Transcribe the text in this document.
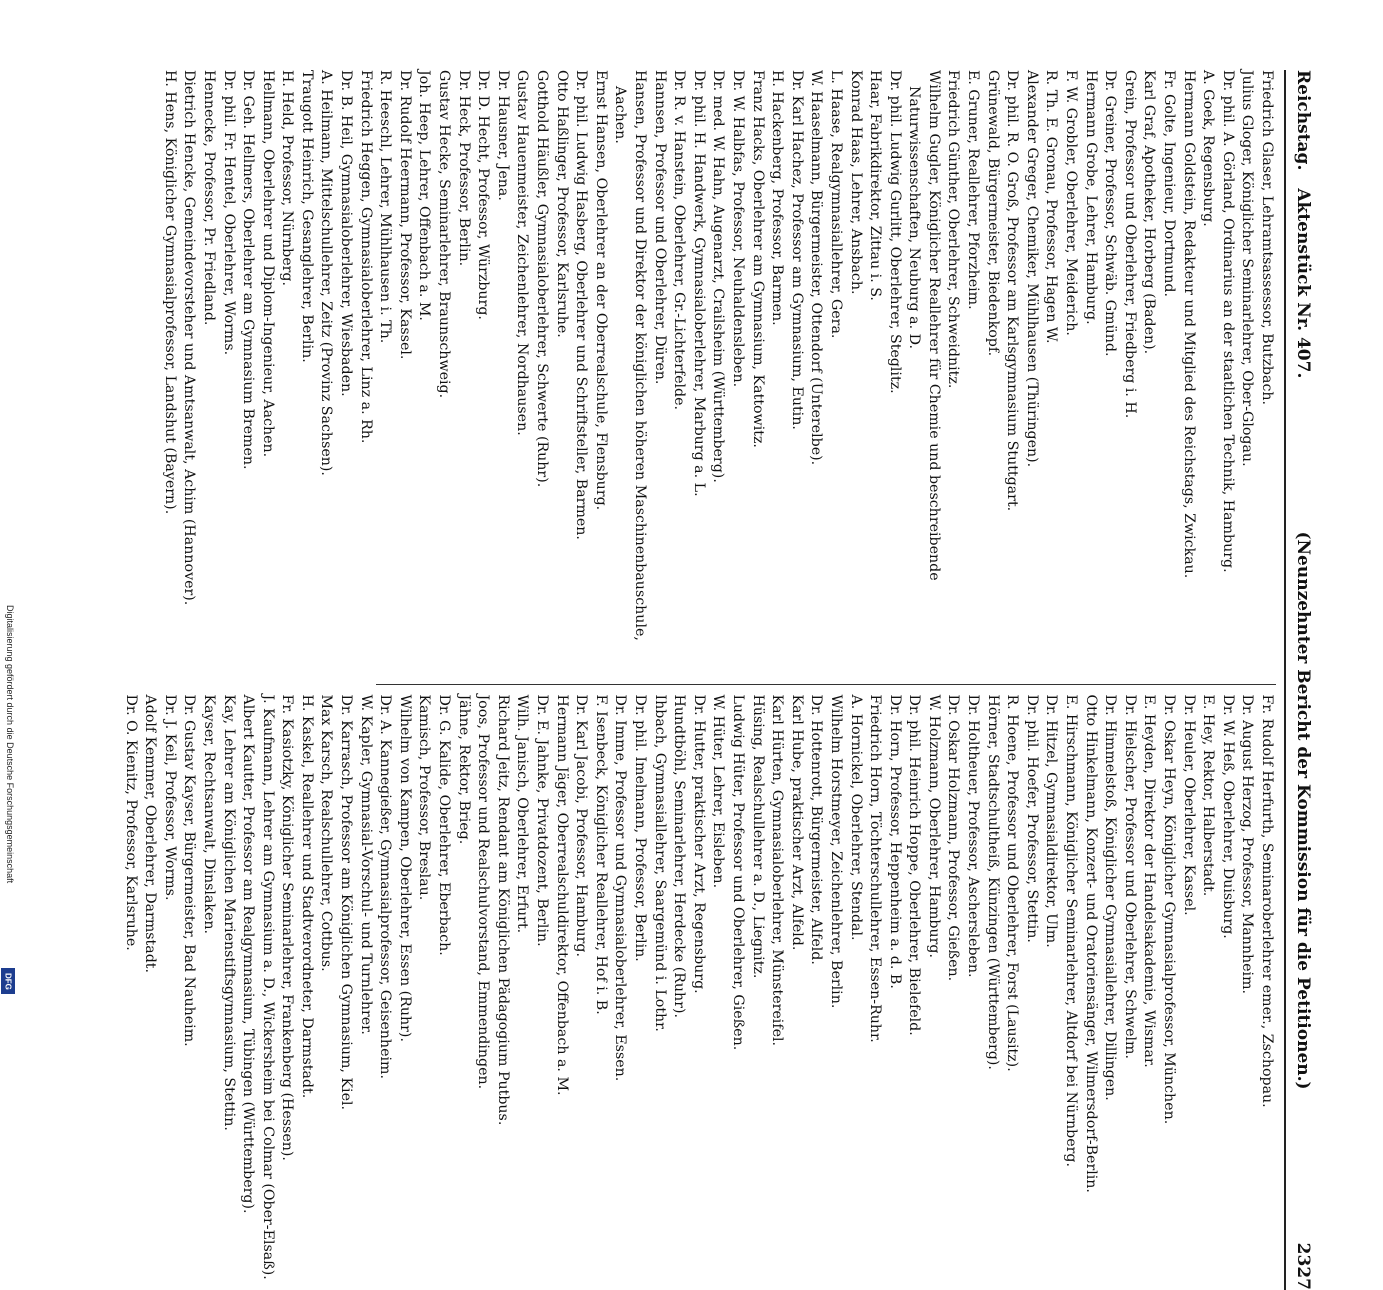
Reichstag.
Aktenstück Nr. 407.
(Neunzehnter Bericht der Kommission für die Petitionen.)
2327

Friedrich Glaser, Lehramtsassessor, Butzbach.

Julius Gloger, Königlicher Seminarlehrer, Ober-Glogau.

Dr. phil. A. Görland, Ordinarius an der staatlichen Technik, Hamburg.

A. Goek, Regensburg.

Hermann Goldstein, Redakteur und Mitglied des Reichstags, Zwickau.

Fr. Golte, Ingenieur, Dortmund.

Karl Graf, Apotheker, Horberg (Baden).

Grein, Professor und Oberlehrer, Friedberg i. H.

Dr. Greiner, Professor, Schwäb. Gmünd.

Hermann Grobe, Lehrer, Hamburg.

F. W. Grobler, Oberlehrer, Meiderich.

R. Th. E. Gronau, Professor, Hagen W.

Alexander Greger, Chemiker, Mühlhausen (Thüringen).

Dr. phil. R. O. Groß, Professor am Karlsgymnasium Stuttgart.

Grünewald, Bürgermeister, Biedenkopf.

E. Gruner, Reallehrer, Pforzheim.

Friedrich Günther, Oberlehrer, Schweidnitz.

Wilhelm Gugler, Königlicher Reallehrer für Chemie und beschreibende Naturwissenschaften, Neuburg a. D.

Dr. phil. Ludwig Gurlitt, Oberlehrer, Steglitz.

Haar, Fabrikdirektor, Zittau i. S.

Konrad Haas, Lehrer, Ansbach.

L. Haase, Realgymnasiallehrer, Gera.

W. Haaselmann, Bürgermeister, Ottendorf (Unterelbe).

Dr. Karl Hachez, Professor am Gymnasium, Eutin.

H. Hackenberg, Professor, Barmen.

Franz Hacks, Oberlehrer am Gymnasium, Kattowitz.

Dr. W. Halbfas, Professor, Neuhaldensleben.

Dr. med. W. Hahn, Augenarzt, Crailsheim (Württemberg).

Dr. phil. H. Handwerk, Gymnasialoberlehrer, Marburg a. L.

Dr. R. v. Hanstein, Oberlehrer, Gr.-Lichterfelde.

Hannsen, Professor und Oberlehrer, Düren.

Hansen, Professor und Direktor der königlichen höheren Maschinenbauschule, Aachen.

Ernst Hansen, Oberlehrer an der Oberrealschule, Flensburg.

Dr. phil. Ludwig Hasberg, Oberlehrer und Schriftsteller, Barmen.

Otto Haßlinger, Professor, Karlsruhe.

Gotthold Häußler, Gymnasialoberlehrer, Schwerte (Ruhr).

Gustav Hauenmeister, Zeichenlehrer, Nordhausen.

Dr. Hausner, Jena.

Dr. D. Hecht, Professor, Würzburg.

Dr. Heck, Professor, Berlin.

Gustav Hecke, Seminarlehrer, Braunschweig.

Joh. Heep, Lehrer, Offenbach a. M.

Dr. Rudolf Heermann, Professor, Kassel.

R. Heeschl, Lehrer, Mühlhausen i. Th.

Friedrich Heggen, Gymnasialoberlehrer, Linz a. Rh.

Dr. B. Heil, Gymnasialoberlehrer, Wiesbaden.

A. Heilmann, Mittelschullehrer, Zeitz (Provinz Sachsen).

Traugott Heinrich, Gesanglehrer, Berlin.

H. Held, Professor, Nürnberg.

Hellmann, Oberlehrer und Diplom-Ingenieur, Aachen.

Dr. Geh. Hellmers, Oberlehrer am Gymnasium Bremen.

Dr. phil. Fr. Hentel, Oberlehrer, Worms.

Hennecke, Professor, Pr. Friedland.

Dietrich Hencke, Gemeindevorsteher und Amtsanwalt, Achim (Hannover).

H. Hens, Königlicher Gymnasialprofessor, Landshut (Bayern).

Fr. Rudolf Herfurth, Seminaroberlehrer emer., Zschopau.

Dr. August Herzog, Professor, Mannheim.

Dr. W. Heß, Oberlehrer, Duisburg.

E. Hey, Rektor, Halberstadt.

Dr. Heuler, Oberlehrer, Kassel.

Dr. Oskar Heyn, Königlicher Gymnasialprofessor, München.

E. Heyden, Direktor der Handelsakademie, Wismar.

Dr. Hielscher, Professor und Oberlehrer, Schwelm.

Dr. Himmelstoß, Königlicher Gymnasiallehrer, Dillingen.

Otto Hinkelmann, Konzert- und Oratoriensänger, Wilmersdorf-Berlin.

E. Hirschmann, Königlicher Seminarlehrer, Altdorf bei Nürnberg.

Dr. Hitzel, Gymnasialdirektor, Ulm.

Dr. phil. Hoefer, Professor, Stettin.

R. Hoene, Professor und Oberlehrer, Forst (Lausitz).

Hörner, Stadtschultheiß, Künzingen (Württemberg).

Dr. Holtheuer, Professor, Aschersleben.

Dr. Oskar Holzmann, Professor, Gießen.

W. Holzmann, Oberlehrer, Hamburg.

Dr. phil. Heinrich Hoppe, Oberlehrer, Bielefeld.

Dr. Horn, Professor, Heppenheim a. d. B.

Friedrich Horn, Töchterschullehrer, Essen-Ruhr.

A. Hornickel, Oberlehrer, Stendal.

Wilhelm Horstmeyer, Zeichenlehrer, Berlin.

Dr. Hottenrott, Bürgermeister, Alfeld.

Karl Hube, praktischer Arzt, Alfeld.

Karl Hürten, Gymnasialoberlehrer, Münstereifel.

Hüsing, Realschullehrer a. D., Liegnitz.

Ludwig Hüter, Professor und Oberlehrer, Gießen.

W. Hüter, Lehrer, Eisleben.

Dr. Hutter, praktischer Arzt, Regensburg.

Hundtböhl, Seminarlehrer, Herdecke (Ruhr).

Ihbach, Gymnasiallehrer, Saargemünd i. Lothr.

Dr. phil. Imelmann, Professor, Berlin.

Dr. Imme, Professor und Gymnasialoberlehrer, Essen.

F. Isenbeck, Königlicher Reallehrer, Hof i. B.

Dr. Karl Jacobi, Professor, Hamburg.

Hermann Jäger, Oberrealschuldirektor, Offenbach a. M.

Dr. E. Jahnke, Privatdozent, Berlin.

Wilh. Janisch, Oberlehrer, Erfurt.

Richard Jeitz, Rendant am Königlichen Pädagogium Putbus.

Joos, Professor und Realschulvorstand, Emmendingen.

Jähne, Rektor, Brieg.

Dr. G. Kalide, Oberlehrer, Eberbach.

Kamisch, Professor, Breslau.

Wilhelm von Kampen, Oberlehrer, Essen (Ruhr).

Dr. A. Kannegießer, Gymnasialprofessor, Geisenheim.

W. Kapler, Gymnasial-Vorschul- und Turnlehrer.

Dr. Karrasch, Professor am Königlichen Gymnasium, Kiel.

Max Karsch, Realschullehrer, Cottbus.

H. Kaskel, Reallehrer und Stadtverordneter, Darmstadt.

Fr. Kasiotzky, Königlicher Seminarlehrer, Frankenberg (Hessen).

J. Kaufmann, Lehrer am Gymnasium a. D., Wickersheim bei Colmar (Ober-Elsaß).

Albert Kautter, Professor am Realgymnasium, Tübingen (Württemberg).

Kay, Lehrer am Königlichen Marienstiftsgymnasium, Stettin.

Kayser, Rechtsanwalt, Dinslaken.

Dr. Gustav Kayser, Bürgermeister, Bad Nauheim.

Dr. J. Keil, Professor, Worms.

Adolf Kemmer, Oberlehrer, Darmstadt.

Dr. O. Kienitz, Professor, Karlsruhe.

Digitalisierung gefördert durch die Deutsche Forschungsgemeinschaft
DFG
